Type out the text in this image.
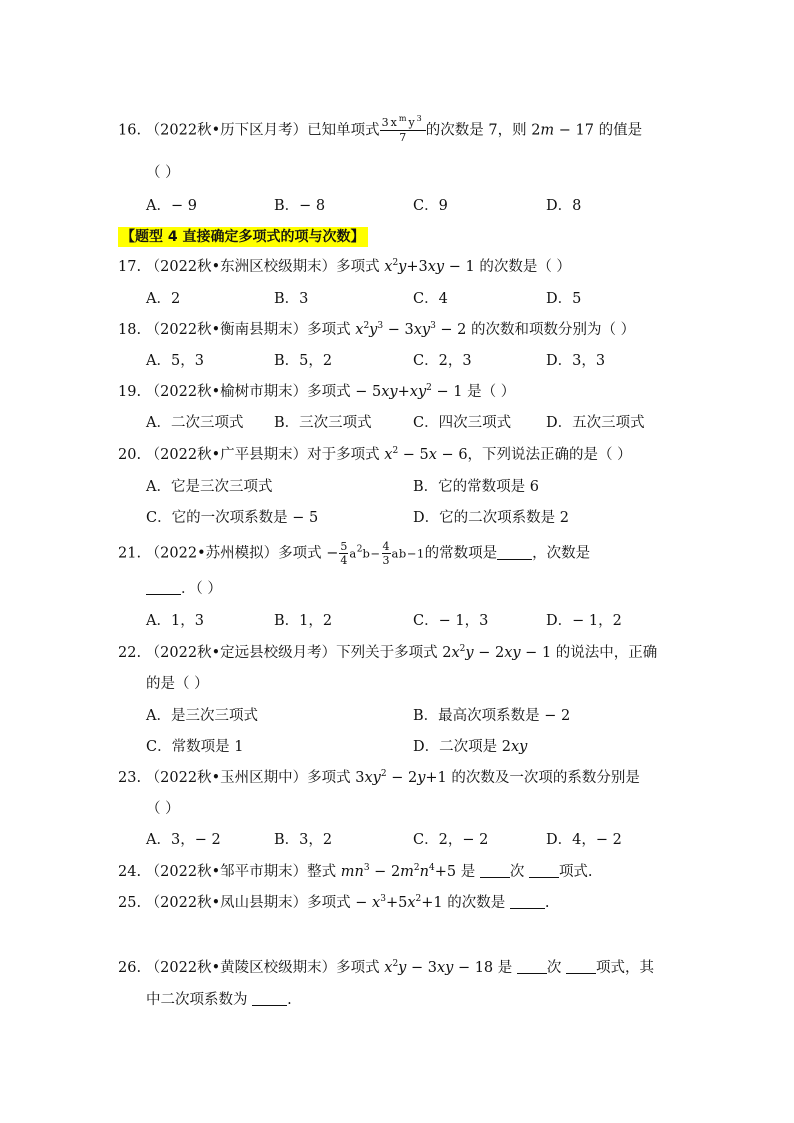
16. （2022秋•历下区月考）已知单项式 $\frac{3x^my^3}{7}$的次数是 7，则 2m − 17 的值是
（ ）
A．− 9	B．− 8	C．9	D．8
【题型 4 直接确定多项式的项与次数】
17. （2022秋•东洲区校级期末）多项式 $x^2y+3xy - 1$ 的次数是（ ）
A．2	B．3	C．4	D．5
18. （2022秋•衡南县期末）多项式 $x^2y^3 - 3xy^3 - 2$ 的次数和项数分别为（ ）
A．5，3	B．5，2	C．2，3	D．3，3
19. （2022秋•榆树市期末）多项式 − $5xy+xy^2 - 1$ 是（ ）
A．二次三项式 B．三次三项式	C．四次三项式 D．五次三项式
20. （2022秋•广平县期末）对于多项式 $x^2 - 5x - 6$，下列说法正确的是（ ）
A．它是三次三项式	B．它的常数项是 6
C．它的一次项系数是 − 5	D．它的二次项系数是 2
21. （2022•苏州模拟）多项式 − $\frac{5}{4} a^2b- \frac{4}{3} ab-1$的常数项是 ，次数是
．（ ）
A．1，3	B．1，2	C．− 1，3	D．− 1，2
22. （2022秋•定远县校级月考）下列关于多项式 $2x^2y - 2xy - 1$ 的说法中，正确
的是（ ）
A．是三次三项式	B．最高次项系数是 − 2
C．常数项是 1	D．二次项是 2xy
23. （2022秋•玉州区期中）多项式 $3xy^2 - 2y+1$ 的次数及一次项的系数分别是
（ ）
A．3，− 2	B．3，2	C．2，− 2	D．4，− 2
24. （2022秋•邹平市期末）整式 $mn^3 - 2m^2n^4+5$ 是 次 项式.
25. （2022秋•凤山县期末）多项式 − $x^3+5x^2+1$ 的次数是 .
26. （2022秋•黄陵区校级期末）多项式 $x^2y - 3xy - 18$ 是 次 项式，其
中二次项系数为 .
